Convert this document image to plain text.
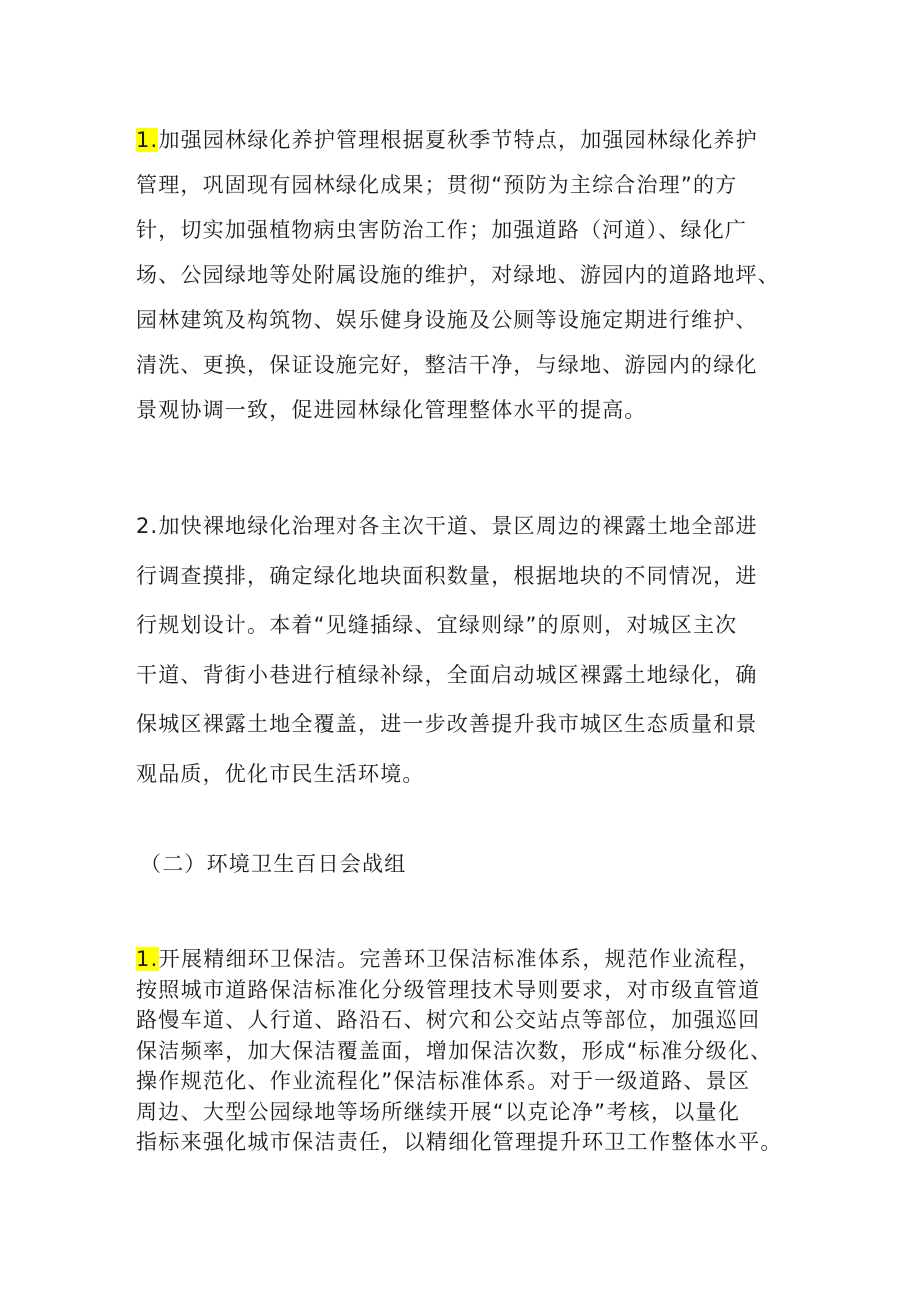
1.加强园林绿化养护管理根据夏秋季节特点，加强园林绿化养护
管理，巩固现有园林绿化成果；贯彻“预防为主综合治理”的方
针，切实加强植物病虫害防治工作；加强道路（河道）、绿化广
场、公园绿地等处附属设施的维护，对绿地、游园内的道路地坪、
园林建筑及构筑物、娱乐健身设施及公厕等设施定期进行维护、
清洗、更换，保证设施完好，整洁干净，与绿地、游园内的绿化
景观协调一致，促进园林绿化管理整体水平的提高。

2.加快裸地绿化治理对各主次干道、景区周边的裸露土地全部进
行调查摸排，确定绿化地块面积数量，根据地块的不同情况，进
行规划设计。本着“见缝插绿、宜绿则绿”的原则，对城区主次
干道、背街小巷进行植绿补绿，全面启动城区裸露土地绿化，确
保城区裸露土地全覆盖，进一步改善提升我市城区生态质量和景
观品质，优化市民生活环境。

（二）环境卫生百日会战组

1.开展精细环卫保洁。完善环卫保洁标准体系，规范作业流程，
按照城市道路保洁标准化分级管理技术导则要求，对市级直管道
路慢车道、人行道、路沿石、树穴和公交站点等部位，加强巡回
保洁频率，加大保洁覆盖面，增加保洁次数，形成“标准分级化、
操作规范化、作业流程化”保洁标准体系。对于一级道路、景区
周边、大型公园绿地等场所继续开展“以克论净”考核，以量化
指标来强化城市保洁责任，以精细化管理提升环卫工作整体水平。
